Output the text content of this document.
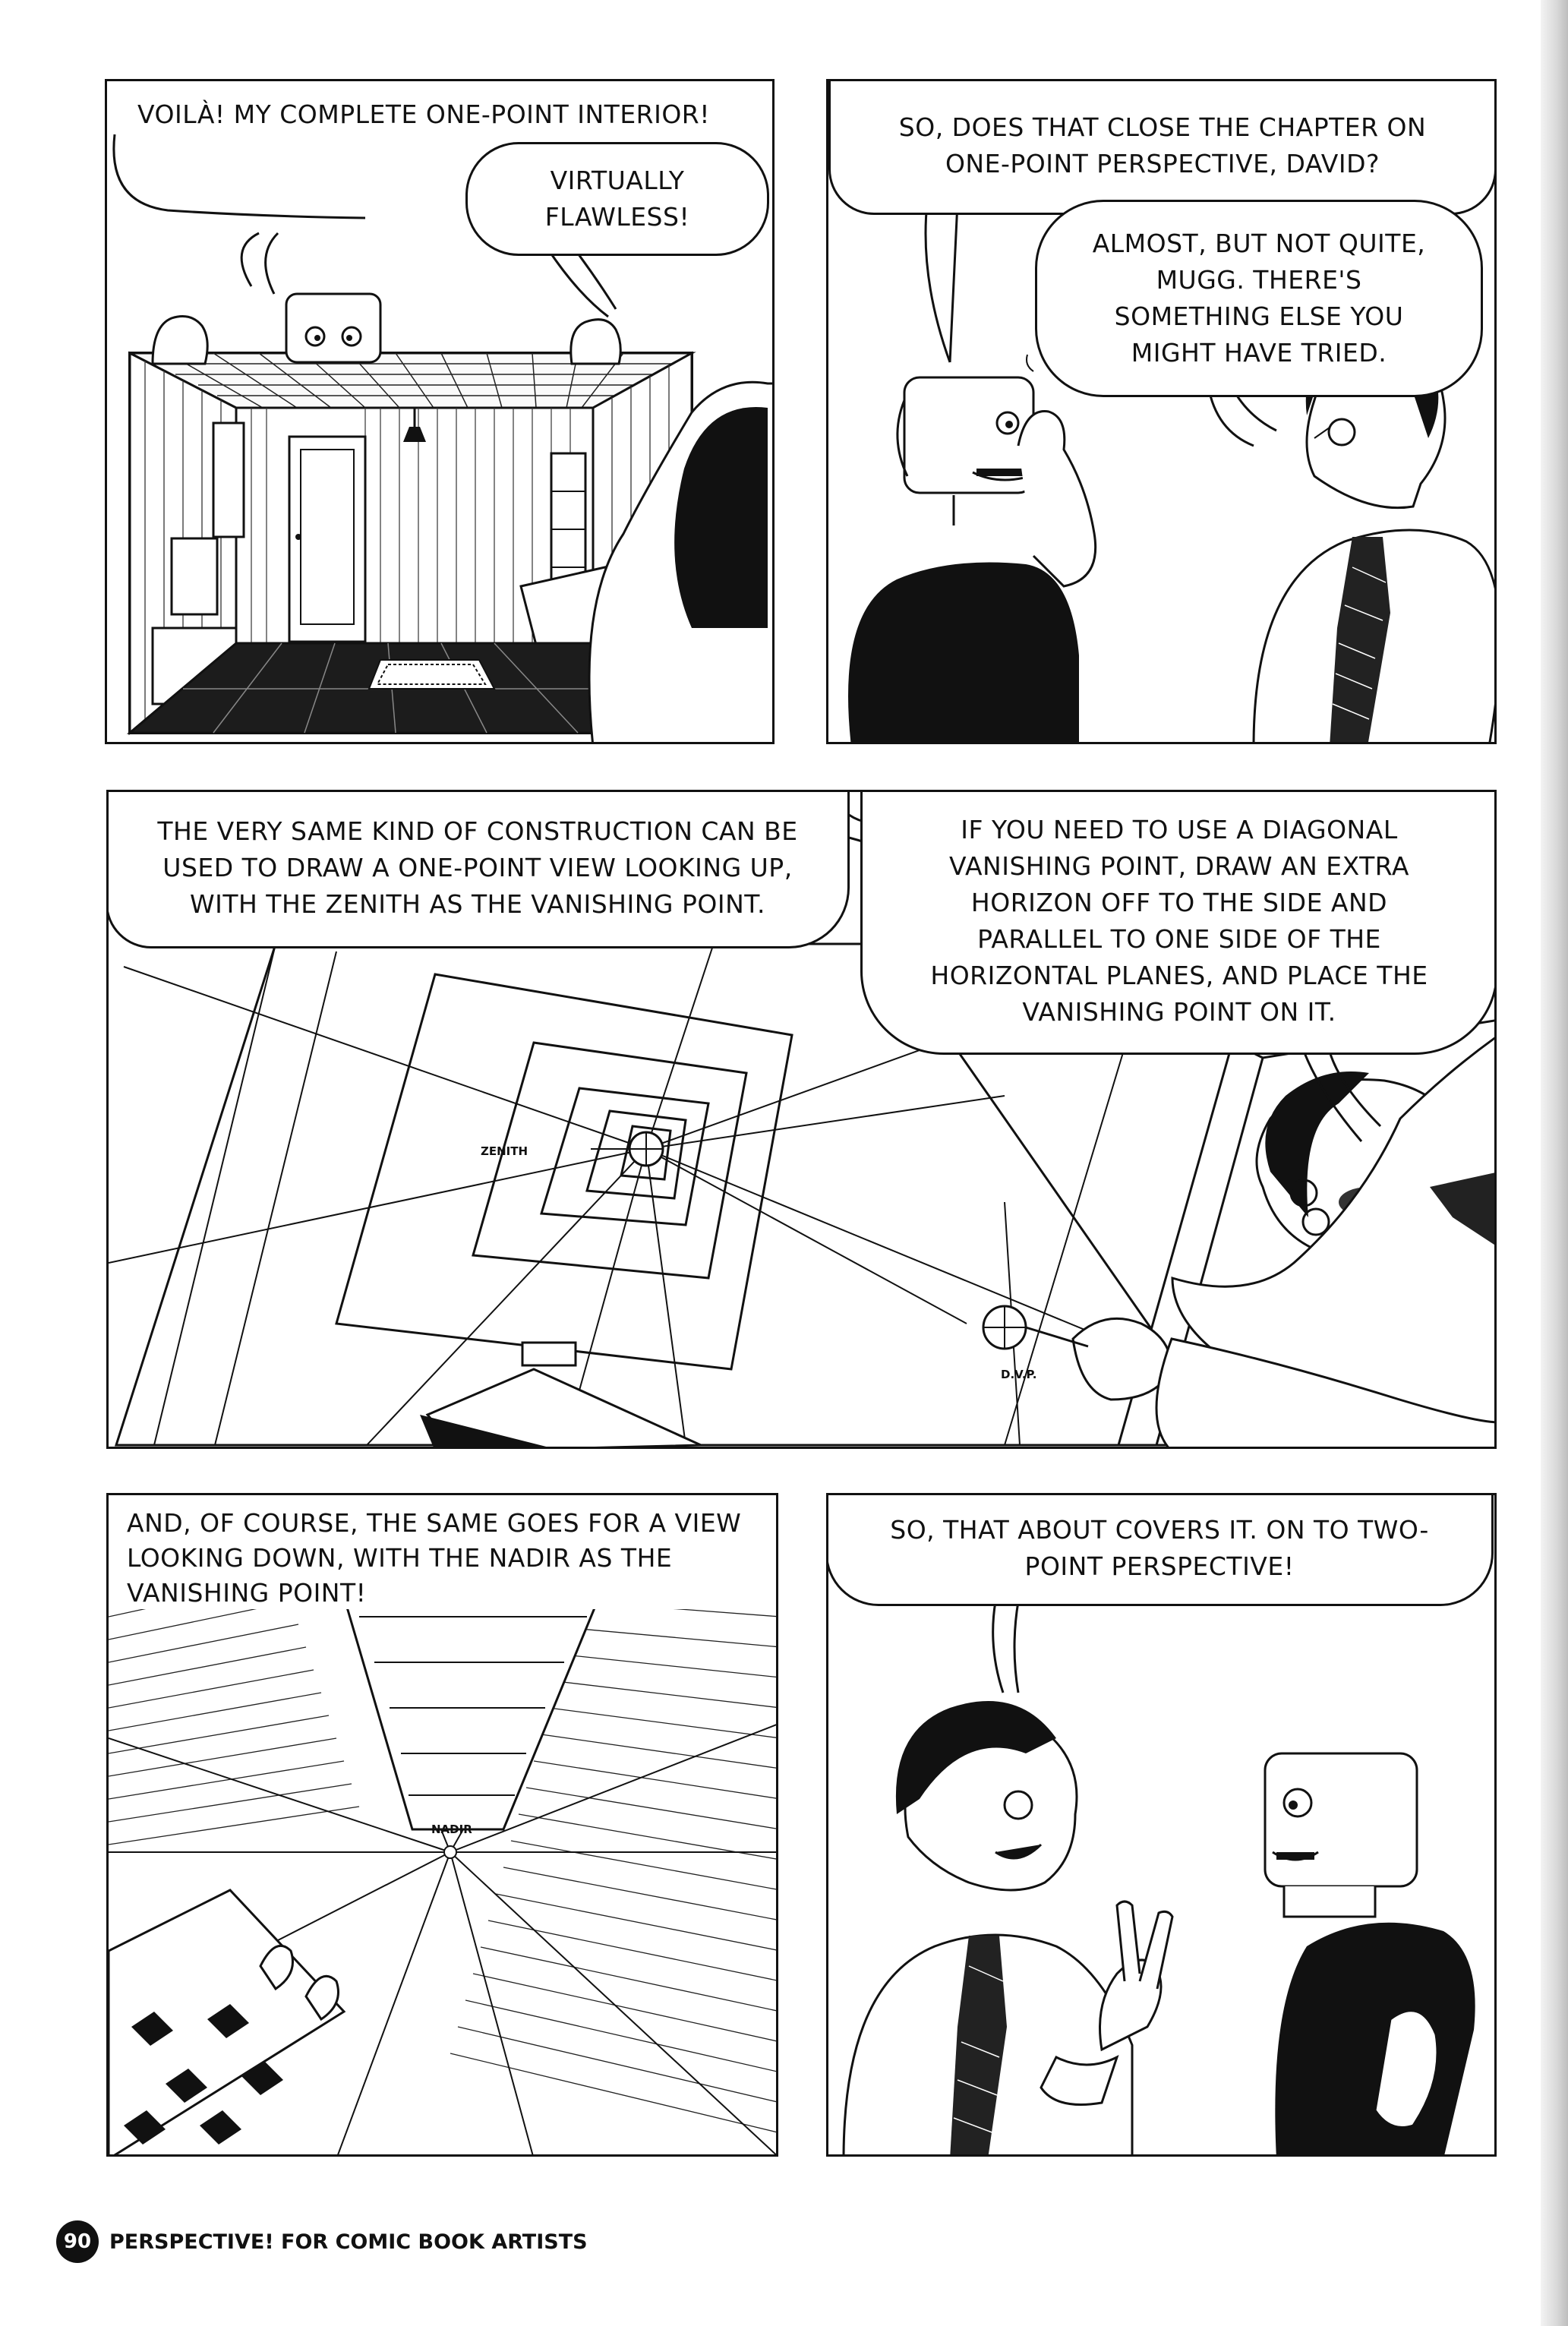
VOILÀ! MY COMPLETE ONE-POINT INTERIOR!
VIRTUALLY FLAWLESS!
SO, DOES THAT CLOSE THE CHAPTER ON ONE-POINT PERSPECTIVE, DAVID?
ALMOST, BUT NOT QUITE, MUGG. THERE'S SOMETHING ELSE YOU MIGHT HAVE TRIED.
ZENITH
D.V.P.
THE VERY SAME KIND OF CONSTRUCTION CAN BE USED TO DRAW A ONE-POINT VIEW LOOKING UP, WITH THE ZENITH AS THE VANISHING POINT.
IF YOU NEED TO USE A DIAGONAL VANISHING POINT, DRAW AN EXTRA HORIZON OFF TO THE SIDE AND PARALLEL TO ONE SIDE OF THE HORIZONTAL PLANES, AND PLACE THE VANISHING POINT ON IT.
NADIR
AND, OF COURSE, THE SAME GOES FOR A VIEW LOOKING DOWN, WITH THE NADIR AS THE VANISHING POINT!
SO, THAT ABOUT COVERS IT. ON TO TWO-POINT PERSPECTIVE!
90 PERSPECTIVE! FOR COMIC BOOK ARTISTS
